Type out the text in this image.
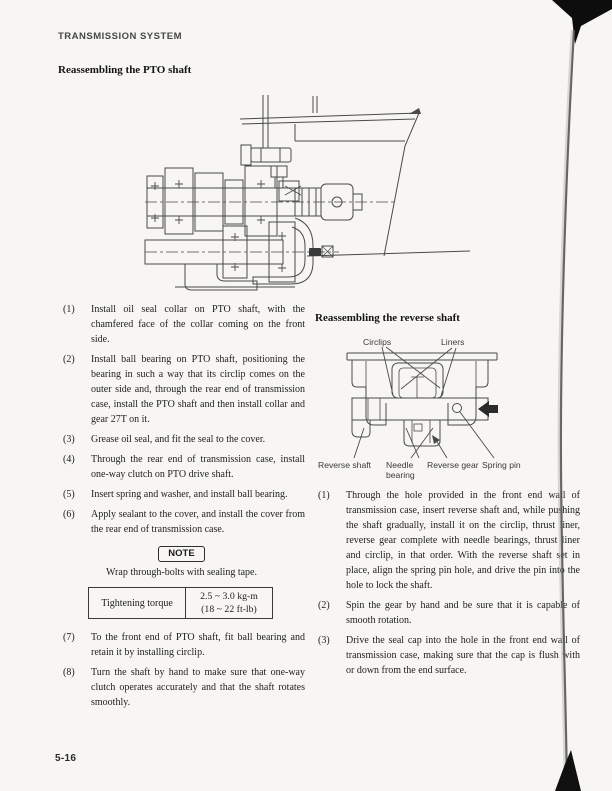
TRANSMISSION SYSTEM
Reassembling the PTO shaft
(1) Install oil seal collar on PTO shaft, with the chamfered face of the collar coming on the front side.
(2) Install ball bearing on PTO shaft, positioning the bearing in such a way that its circlip comes on the outer side and, through the rear end of transmission case, install the PTO shaft and then install collar and gear 27T on it.
(3) Grease oil seal, and fit the seal to the cover.
(4) Through the rear end of transmission case, install one-way clutch on PTO drive shaft.
(5) Insert spring and washer, and install ball bearing.
(6) Apply sealant to the cover, and install the cover from the rear end of transmission case.
NOTE
Wrap through-bolts with sealing tape.
Tightening torque
2.5 ~ 3.0 kg-m
(18 ~ 22 ft-lb)
(7) To the front end of PTO shaft, fit ball bearing and retain it by installing circlip.
(8) Turn the shaft by hand to make sure that one-way clutch operates accurately and that the shaft rotates smoothly.
Reassembling the reverse shaft
Circlips	Liners
Reverse shaft Needle
bearing
Reverse gear Spring pin
(1) Through the hole provided in the front end wall of transmission case, insert reverse shaft and, while pushing the shaft gradually, install it on the circlip, thrust liner, reverse gear complete with needle bearings, thrust liner and circlip, in that order. With the reverse shaft set in place, align the spring pin hole, and drive the pin into the hole to lock the shaft.
(2) Spin the gear by hand and be sure that it is capable of smooth rotation.
(3) Drive the seal cap into the hole in the front end wall of transmission case, making sure that the cap is flush with or down from the end surface.
5-16
